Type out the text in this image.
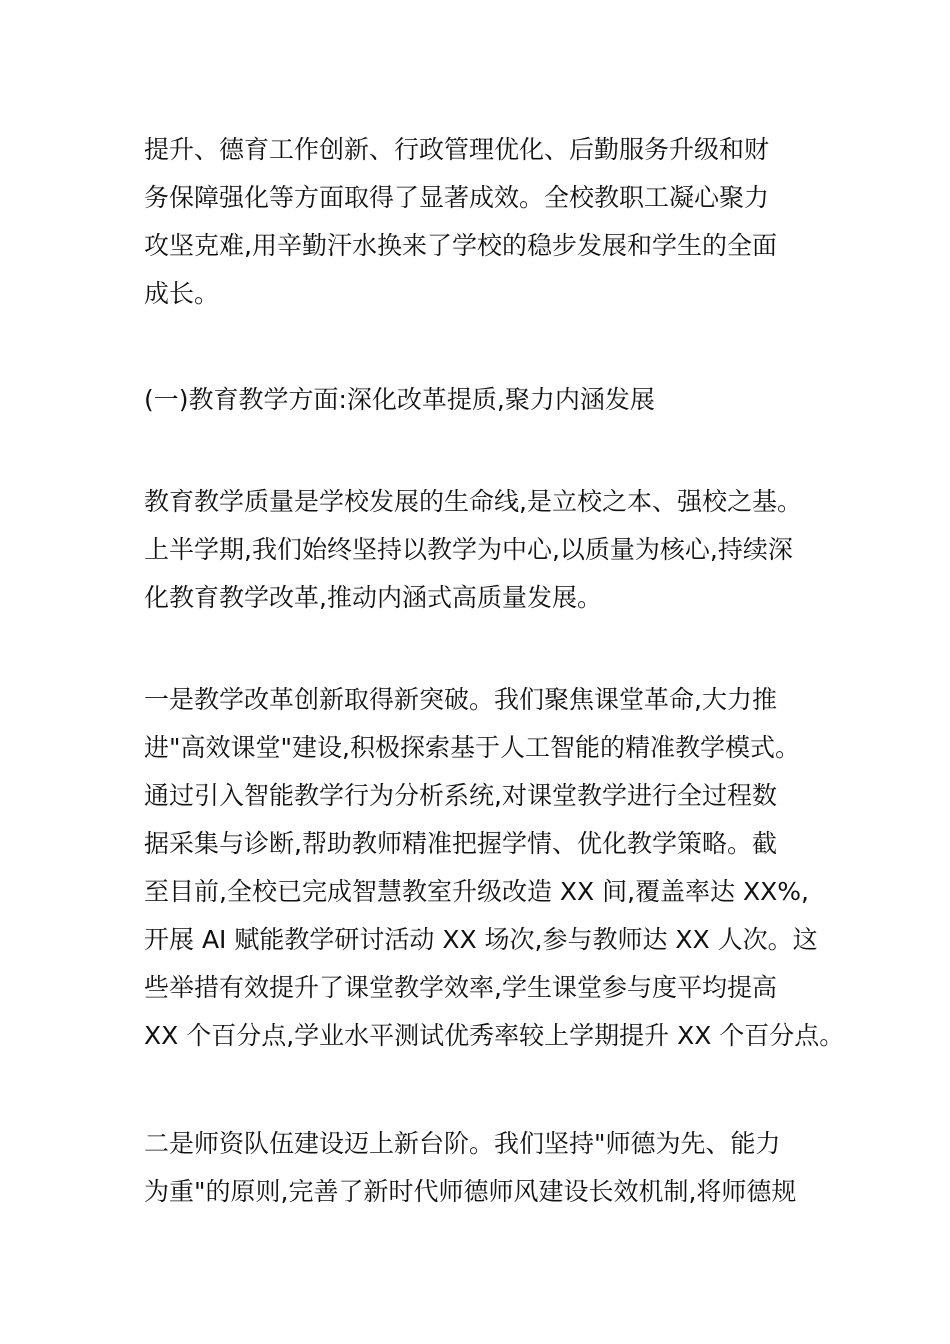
提升、德育工作创新、行政管理优化、后勤服务升级和财
务保障强化等方面取得了显著成效。全校教职工凝心聚力
攻坚克难,用辛勤汗水换来了学校的稳步发展和学生的全面
成长。
(一)教育教学方面:深化改革提质,聚力内涵发展
教育教学质量是学校发展的生命线,是立校之本、强校之基。
上半学期,我们始终坚持以教学为中心,以质量为核心,持续深
化教育教学改革,推动内涵式高质量发展。
一是教学改革创新取得新突破。我们聚焦课堂革命,大力推
进"高效课堂"建设,积极探索基于人工智能的精准教学模式。
通过引入智能教学行为分析系统,对课堂教学进行全过程数
据采集与诊断,帮助教师精准把握学情、优化教学策略。截
至目前,全校已完成智慧教室升级改造 XX 间,覆盖率达 XX%,
开展 AI 赋能教学研讨活动 XX 场次,参与教师达 XX 人次。这
些举措有效提升了课堂教学效率,学生课堂参与度平均提高
XX 个百分点,学业水平测试优秀率较上学期提升 XX 个百分点。
二是师资队伍建设迈上新台阶。我们坚持"师德为先、能力
为重"的原则,完善了新时代师德师风建设长效机制,将师德规
